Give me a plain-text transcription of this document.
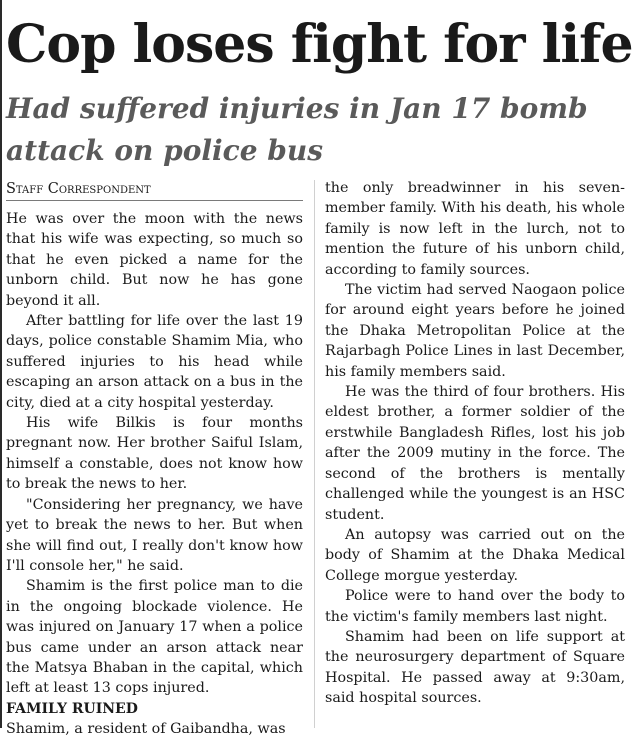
Cop loses fight for life
Had suffered injuries in Jan 17 bomb attack on police bus
Staff Correspondent

He was over the moon with the news that his wife was expecting, so much so that he even picked a name for the unborn child. But now he has gone beyond it all.

After battling for life over the last 19 days, police constable Shamim Mia, who suffered injuries to his head while escaping an arson attack on a bus in the city, died at a city hospital yesterday.

His wife Bilkis is four months pregnant now. Her brother Saiful Islam, himself a constable, does not know how to break the news to her.

"Considering her pregnancy, we have yet to break the news to her. But when she will find out, I really don't know how I'll console her," he said.

Shamim is the first police man to die in the ongoing blockade violence. He was injured on January 17 when a police bus came under an arson attack near the Matsya Bhaban in the capital, which left at least 13 cops injured.

FAMILY RUINED

Shamim, a resident of Gaibandha, was

the only breadwinner in his seven-member family. With his death, his whole family is now left in the lurch, not to mention the future of his unborn child, according to family sources.

The victim had served Naogaon police for around eight years before he joined the Dhaka Metropolitan Police at the Rajarbagh Police Lines in last December, his family members said.

He was the third of four brothers. His eldest brother, a former soldier of the erstwhile Bangladesh Rifles, lost his job after the 2009 mutiny in the force. The second of the brothers is mentally challenged while the youngest is an HSC student.

An autopsy was carried out on the body of Shamim at the Dhaka Medical College morgue yesterday.

Police were to hand over the body to the victim's family members last night.

Shamim had been on life support at the neurosurgery department of Square Hospital. He passed away at 9:30am, said hospital sources.
